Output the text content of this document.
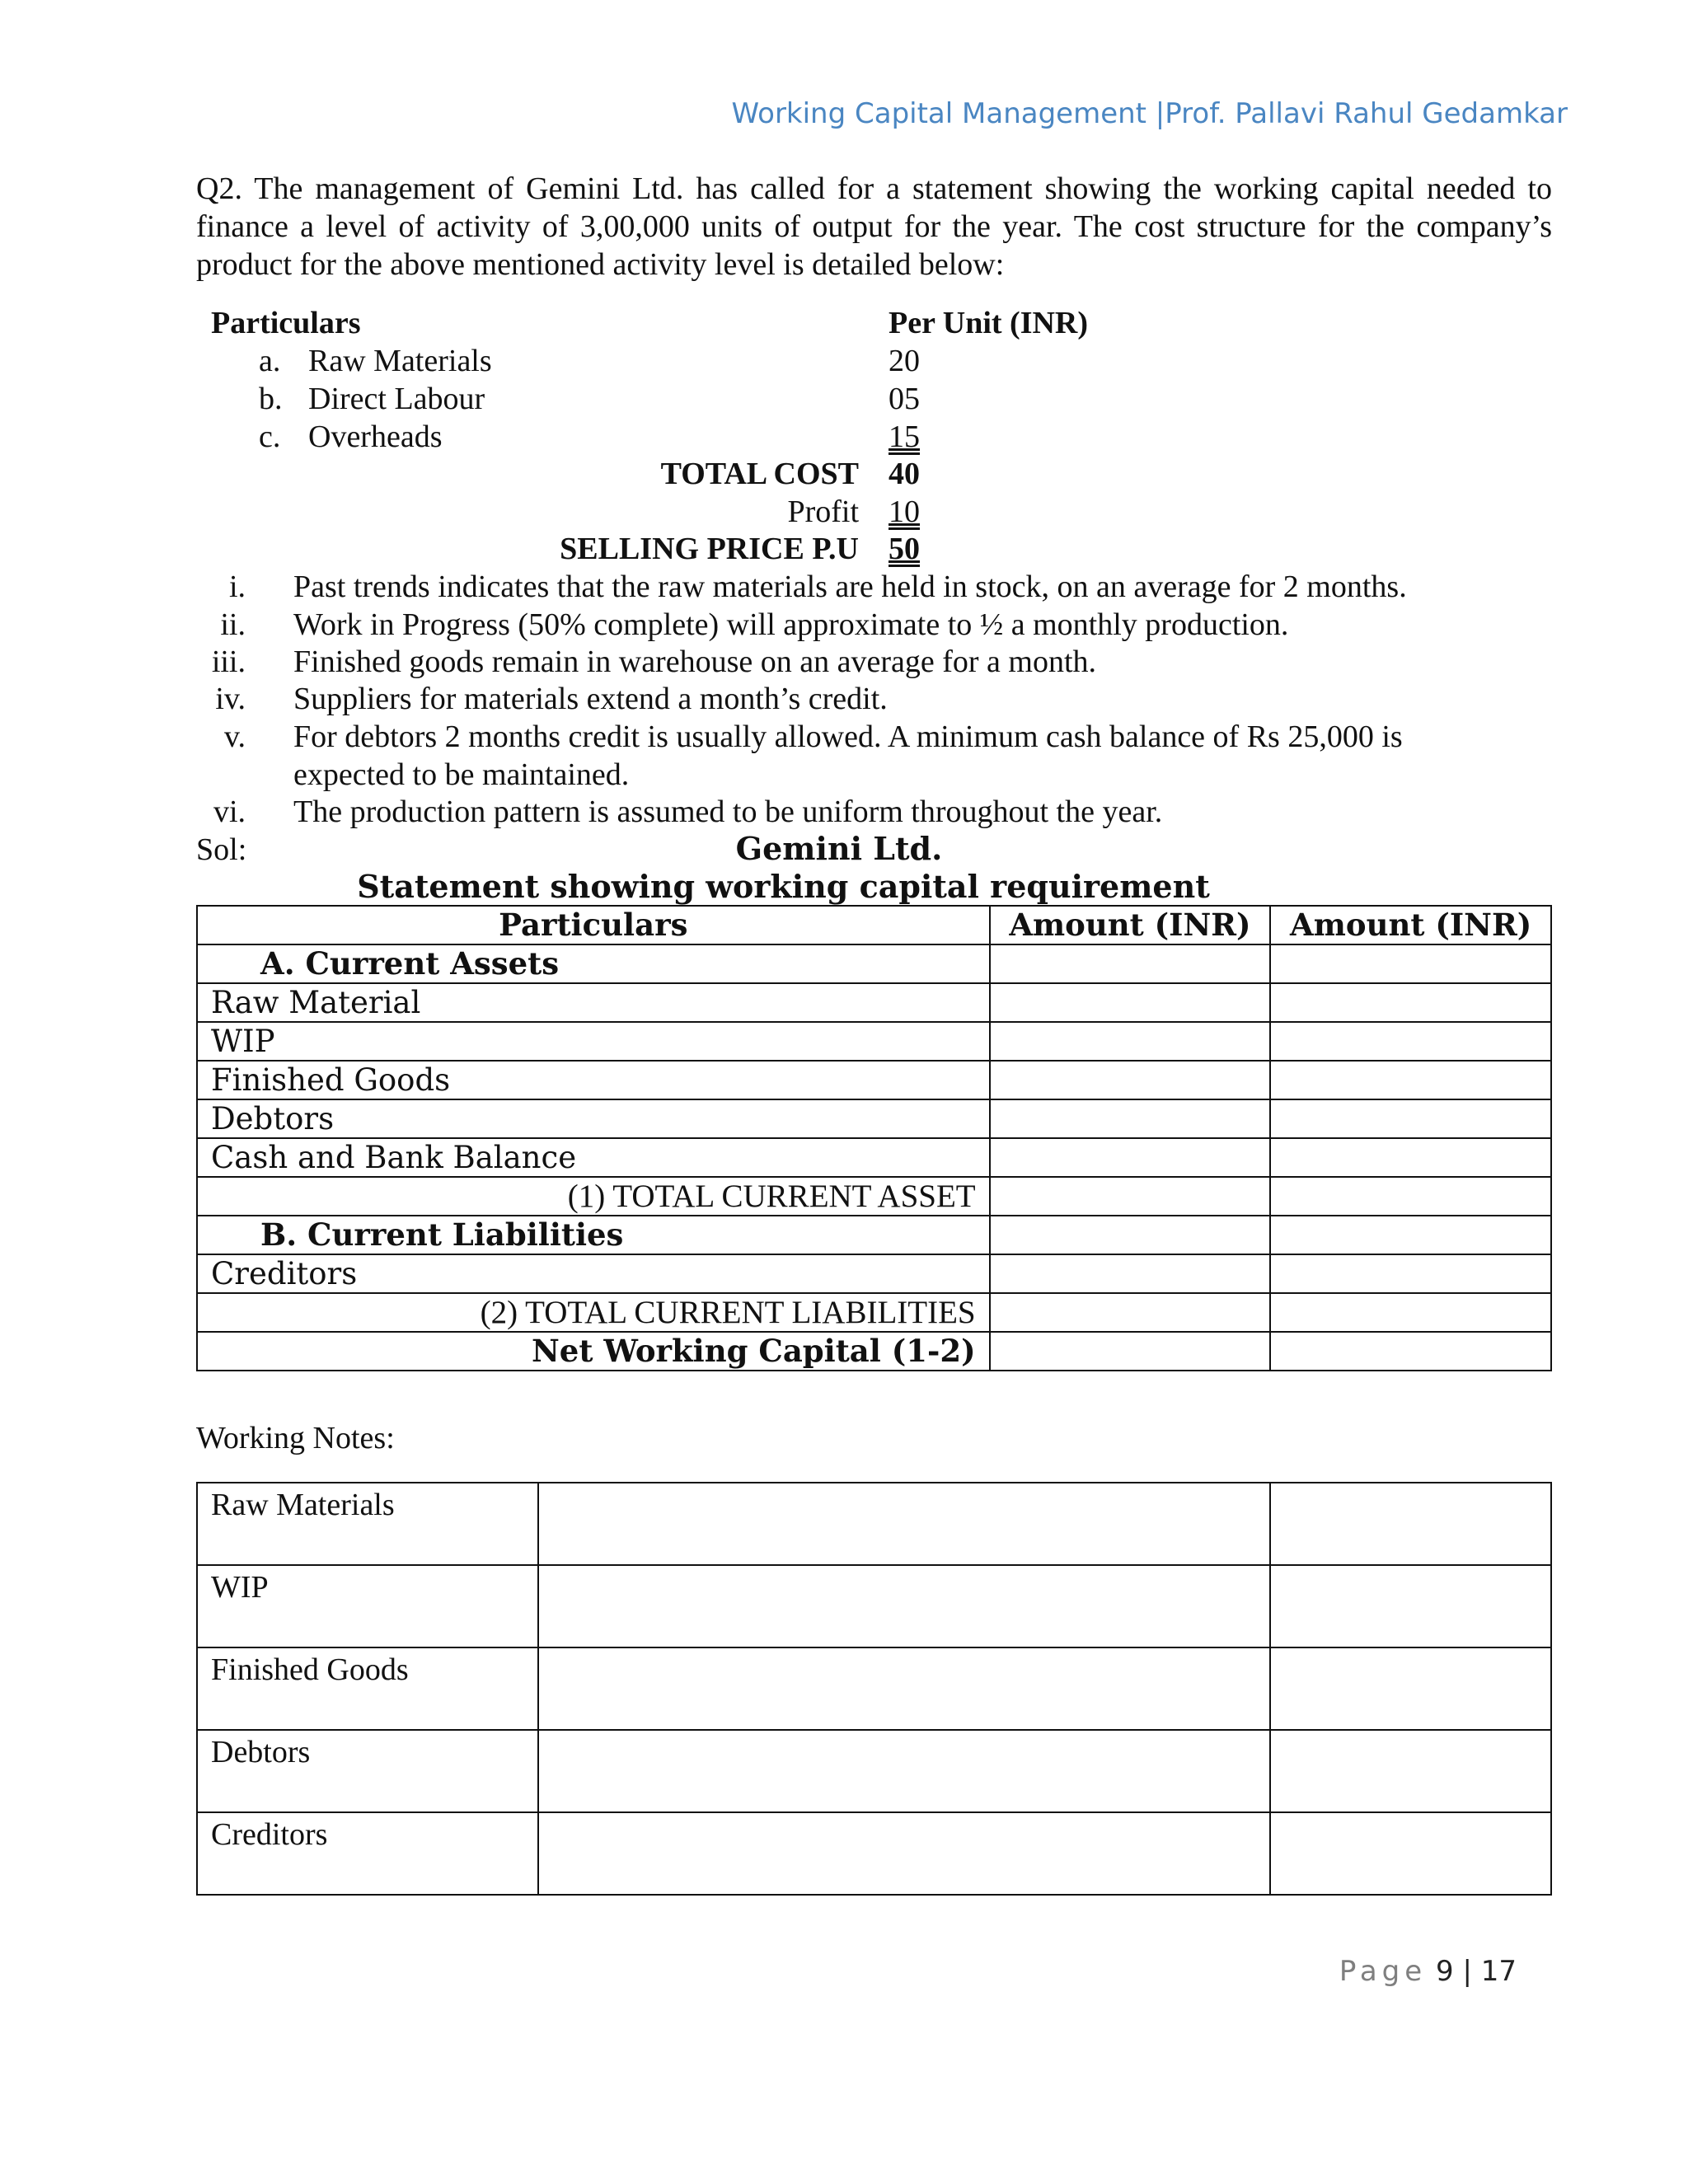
Working Capital Management |Prof. Pallavi Rahul Gedamkar
Q2. The management of Gemini Ltd. has called for a statement showing the working capital needed to finance a level of activity of 3,00,000 units of output for the year. The cost structure for the company’s product for the above mentioned activity level is detailed below:
Particulars	Per Unit (INR)
a. Raw Materials	20
b. Direct Labour	05
c. Overheads	15
TOTAL COST 40
Profit 10
SELLING PRICE P.U 50
i. Past trends indicates that the raw materials are held in stock, on an average for 2 months.
ii. Work in Progress (50% complete) will approximate to ½ a monthly production.
iii. Finished goods remain in warehouse on an average for a month.
iv. Suppliers for materials extend a month’s credit.
v. For debtors 2 months credit is usually allowed. A minimum cash balance of Rs 25,000 is
expected to be maintained.
vi. The production pattern is assumed to be uniform throughout the year.
Sol:	Gemini Ltd.
Statement showing working capital requirement
Particulars	Amount (INR)	Amount (INR)
A. Current Assets		
Raw Material		
WIP		
Finished Goods		
Debtors		
Cash and Bank Balance		
(1) TOTAL CURRENT ASSET		
B. Current Liabilities		
Creditors		
(2) TOTAL CURRENT LIABILITIES		
Net Working Capital (1-2)		
Working Notes:
Raw Materials		
WIP		
Finished Goods		
Debtors		
Creditors		
Page 9 | 17
